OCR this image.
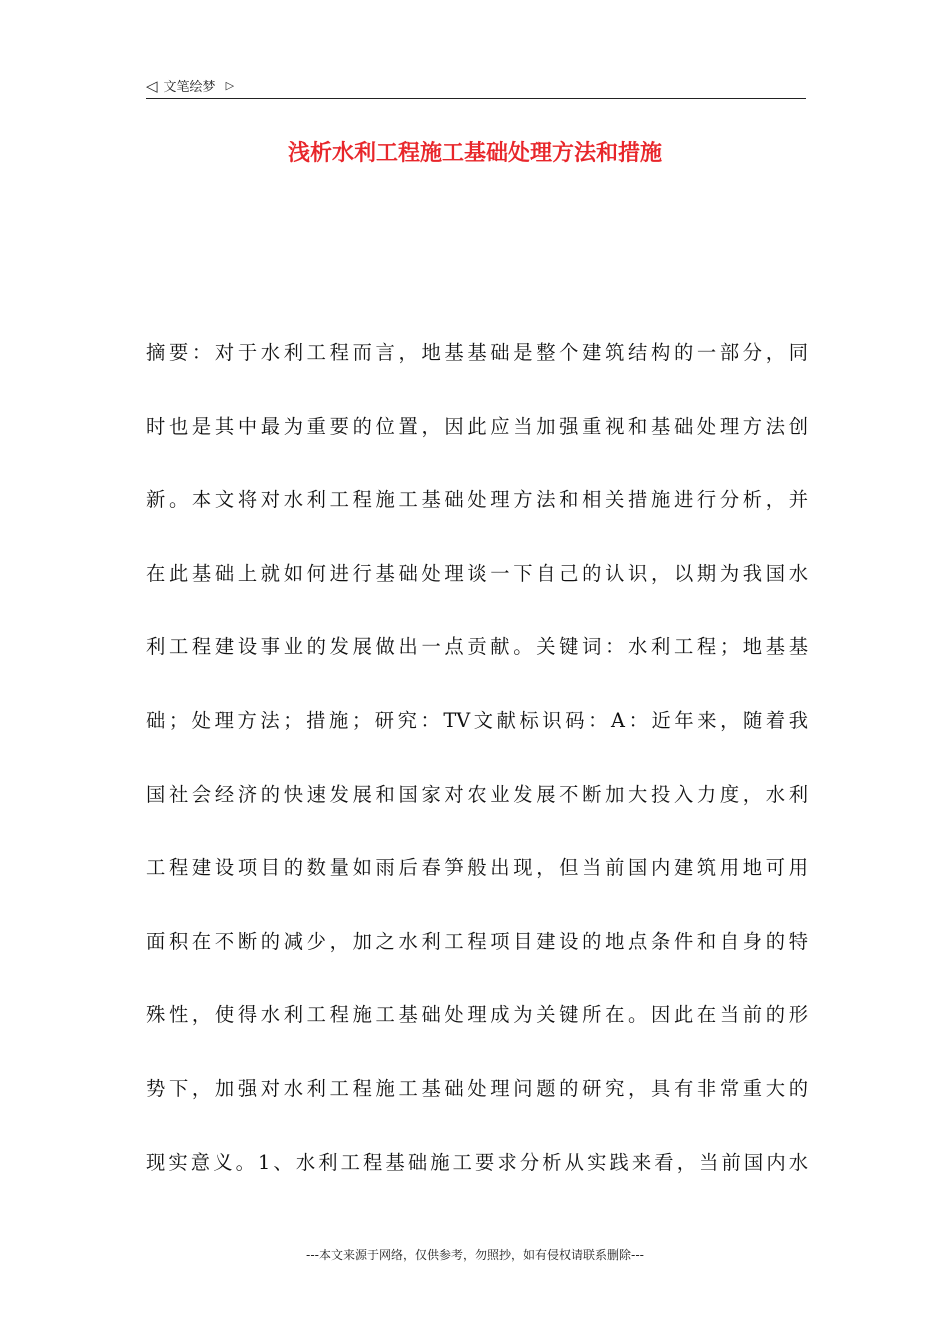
◁ 文笔绘梦 ▷
浅析水利工程施工基础处理方法和措施
摘要：对于水利工程而言，地基基础是整个建筑结构的一部分，同
时也是其中最为重要的位置，因此应当加强重视和基础处理方法创
新。本文将对水利工程施工基础处理方法和相关措施进行分析，并
在此基础上就如何进行基础处理谈一下自己的认识，以期为我国水
利工程建设事业的发展做出一点贡献。关键词：水利工程；地基基
础；处理方法；措施；研究：TV文献标识码：A：近年来，随着我
国社会经济的快速发展和国家对农业发展不断加大投入力度，水利
工程建设项目的数量如雨后春笋般出现，但当前国内建筑用地可用
面积在不断的减少，加之水利工程项目建设的地点条件和自身的特
殊性，使得水利工程施工基础处理成为关键所在。因此在当前的形
势下，加强对水利工程施工基础处理问题的研究，具有非常重大的
现实意义。1、水利工程基础施工要求分析从实践来看，当前国内水
---本文来源于网络，仅供参考，勿照抄，如有侵权请联系删除---
